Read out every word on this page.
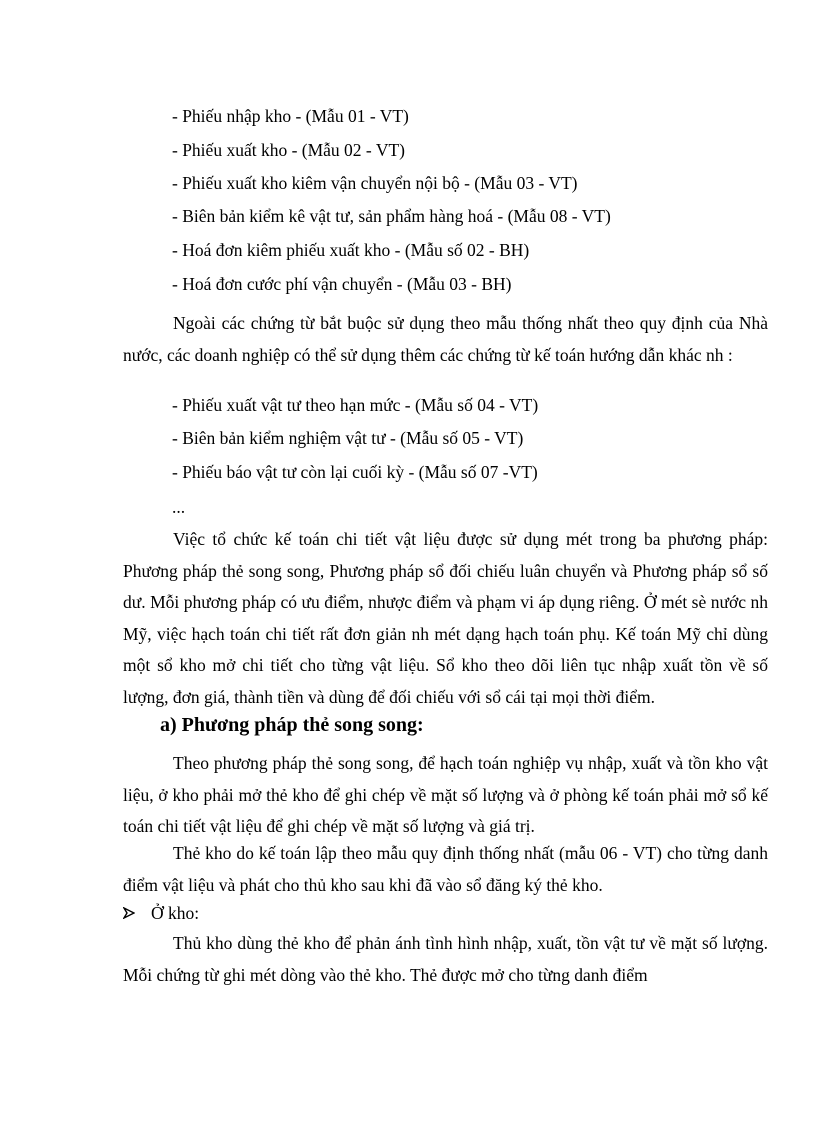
- Phiếu nhập kho - (Mẫu 01 - VT)
- Phiếu xuất kho - (Mẫu 02 - VT)
- Phiếu xuất kho kiêm vận chuyển nội bộ - (Mẫu 03 - VT)
- Biên bản kiểm kê vật tư, sản phẩm hàng hoá - (Mẫu 08 - VT)
- Hoá đơn kiêm phiếu xuất kho - (Mẫu số 02 - BH)
- Hoá đơn cước phí vận chuyển - (Mẫu 03 - BH)
Ngoài các chứng từ bắt buộc sử dụng theo mẫu thống nhất theo quy định của Nhà nước, các doanh nghiệp có thể sử dụng thêm các chứng từ kế toán hướng dẫn khác nh :
- Phiếu xuất vật tư theo hạn mức - (Mẫu số 04 - VT)
- Biên bản kiểm nghiệm vật tư - (Mẫu số 05 - VT)
- Phiếu báo vật tư còn lại cuối kỳ - (Mẫu số 07 -VT)
...
Việc tổ chức kế toán chi tiết vật liệu được sử dụng mét trong ba phương pháp: Phương pháp thẻ song song, Phương pháp sổ đối chiếu luân chuyển và Phương pháp sổ số dư. Mỗi phương pháp có ưu điểm, nhược điểm và phạm vi áp dụng riêng. Ở mét sè nước nh Mỹ, việc hạch toán chi tiết rất đơn giản nh mét dạng hạch toán phụ. Kế toán Mỹ chỉ dùng một sổ kho mở chi tiết cho từng vật liệu. Sổ kho theo dõi liên tục nhập xuất tồn về số lượng, đơn giá, thành tiền và dùng để đối chiếu với sổ cái tại mọi thời điểm.
a) Phương pháp thẻ song song:
Theo phương pháp thẻ song song, để hạch toán nghiệp vụ nhập, xuất và tồn kho vật liệu, ở kho phải mở thẻ kho để ghi chép về mặt số lượng và ở phòng kế toán phải mở sổ kế toán chi tiết vật liệu để ghi chép về mặt số lượng và giá trị.
Thẻ kho do kế toán lập theo mẫu quy định thống nhất (mẫu 06 - VT) cho từng danh điểm vật liệu và phát cho thủ kho sau khi đã vào sổ đăng ký thẻ kho.
Ở kho:
Thủ kho dùng thẻ kho để phản ánh tình hình nhập, xuất, tồn vật tư về mặt số lượng. Mỗi chứng từ ghi mét dòng vào thẻ kho. Thẻ được mở cho từng danh điểm
